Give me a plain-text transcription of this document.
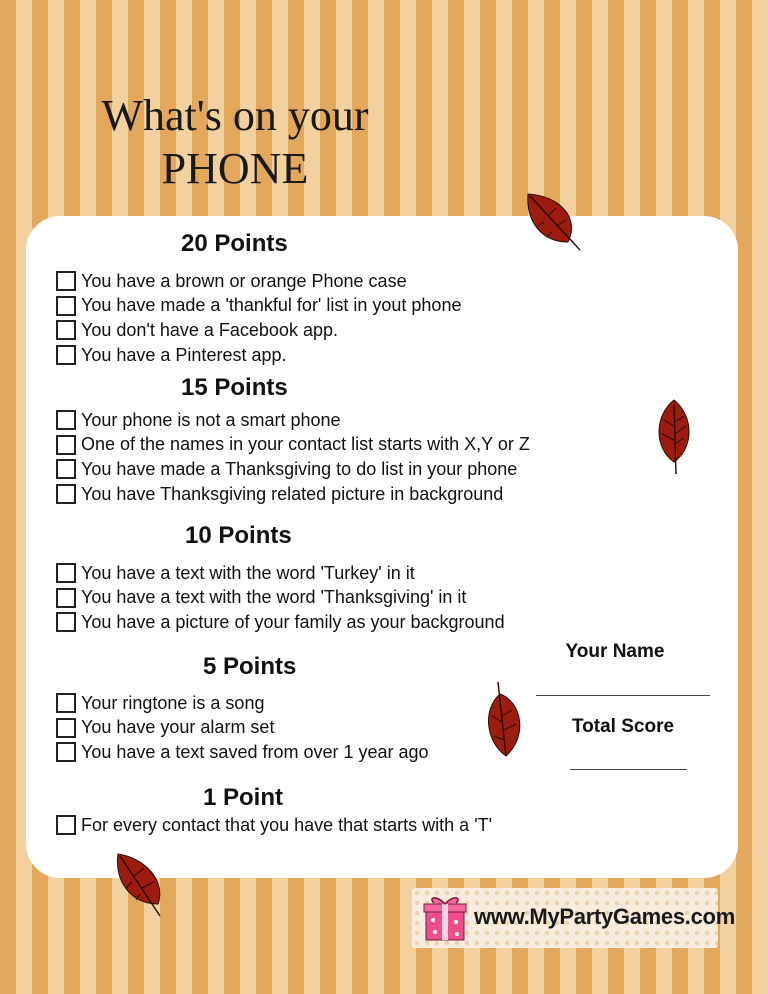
What's on your
PHONE
20 Points
You have a brown or orange Phone case
You have made a 'thankful for' list in yout phone
You don't have a Facebook app.
You have a Pinterest app.
15 Points
Your phone is not a smart phone
One of the names in your contact list starts with X,Y or Z
You have made a Thanksgiving to do list in your phone
You have Thanksgiving related picture in background
10 Points
You have a text with the word 'Turkey' in it
You have a text with the word 'Thanksgiving' in it
You have a picture of your family as your background
5 Points
Your ringtone is a song
You have your alarm set
You have a text saved from over 1 year ago
1 Point
For every contact that you have that starts with a 'T'
Your Name
Total Score
www.MyPartyGames.com
